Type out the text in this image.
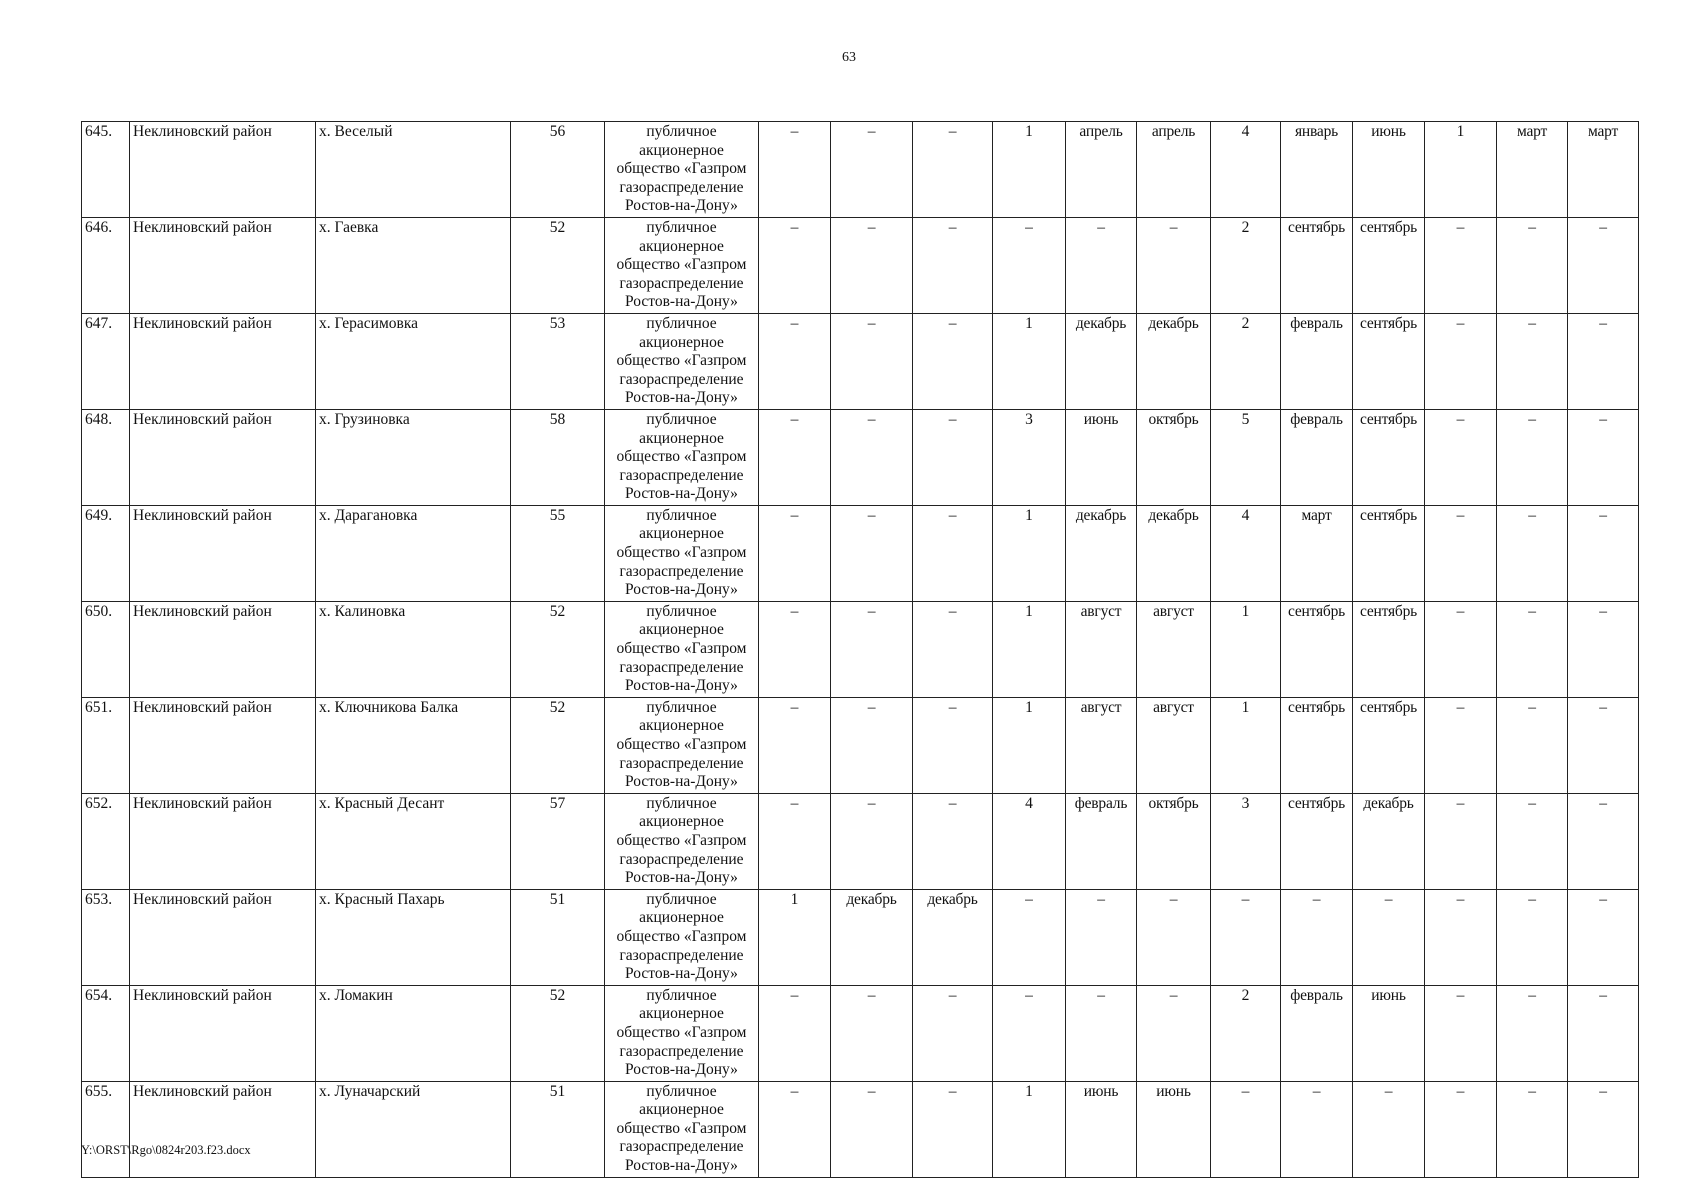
63
645.	Неклиновский район	х. Веселый	56	публичное акционерное общество «Газпром газораспределение Ростов-на-Дону»	–	–	–	1	апрель	апрель	4	январь	июнь	1	март	март
646.	Неклиновский район	х. Гаевка	52	публичное акционерное общество «Газпром газораспределение Ростов-на-Дону»	–	–	–	–	–	–	2	сентябрь	сентябрь	–	–	–
647.	Неклиновский район	х. Герасимовка	53	публичное акционерное общество «Газпром газораспределение Ростов-на-Дону»	–	–	–	1	декабрь	декабрь	2	февраль	сентябрь	–	–	–
648.	Неклиновский район	х. Грузиновка	58	публичное акционерное общество «Газпром газораспределение Ростов-на-Дону»	–	–	–	3	июнь	октябрь	5	февраль	сентябрь	–	–	–
649.	Неклиновский район	х. Дарагановка	55	публичное акционерное общество «Газпром газораспределение Ростов-на-Дону»	–	–	–	1	декабрь	декабрь	4	март	сентябрь	–	–	–
650.	Неклиновский район	х. Калиновка	52	публичное акционерное общество «Газпром газораспределение Ростов-на-Дону»	–	–	–	1	август	август	1	сентябрь	сентябрь	–	–	–
651.	Неклиновский район	х. Ключникова Балка	52	публичное акционерное общество «Газпром газораспределение Ростов-на-Дону»	–	–	–	1	август	август	1	сентябрь	сентябрь	–	–	–
652.	Неклиновский район	х. Красный Десант	57	публичное акционерное общество «Газпром газораспределение Ростов-на-Дону»	–	–	–	4	февраль	октябрь	3	сентябрь	декабрь	–	–	–
653.	Неклиновский район	х. Красный Пахарь	51	публичное акционерное общество «Газпром газораспределение Ростов-на-Дону»	1	декабрь	декабрь	–	–	–	–	–	–	–	–	–
654.	Неклиновский район	х. Ломакин	52	публичное акционерное общество «Газпром газораспределение Ростов-на-Дону»	–	–	–	–	–	–	2	февраль	июнь	–	–	–
655.	Неклиновский район	х. Луначарский	51	публичное акционерное общество «Газпром газораспределение Ростов-на-Дону»	–	–	–	1	июнь	июнь	–	–	–	–	–	–
Y:\ORST\Rgo\0824r203.f23.docx
